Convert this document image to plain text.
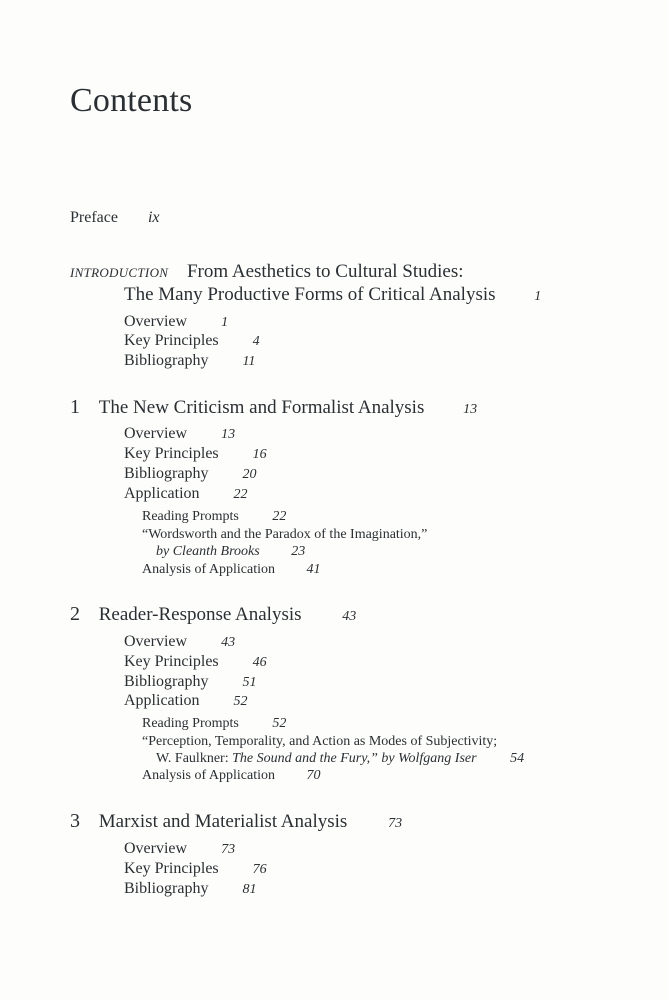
Contents
Preface ix
INTRODUCTION From Aesthetics to Cultural Studies:
The Many Productive Forms of Critical Analysis	1
Overview 1
Key Principles 4
Bibliography 11
1 The New Criticism and Formalist Analysis	13
Overview 13
Key Principles 16
Bibliography 20
Application 22
Reading Prompts 22
“Wordsworth and the Paradox of the Imagination,”
by Cleanth Brooks 23
Analysis of Application 41
2 Reader-Response Analysis	43
Overview 43
Key Principles 46
Bibliography 51
Application 52
Reading Prompts 52
“Perception, Temporality, and Action as Modes of Subjectivity;
W. Faulkner: The Sound and the Fury,” by Wolfgang Iser 54
Analysis of Application 70
3 Marxist and Materialist Analysis	73
Overview 73
Key Principles 76
Bibliography 81
